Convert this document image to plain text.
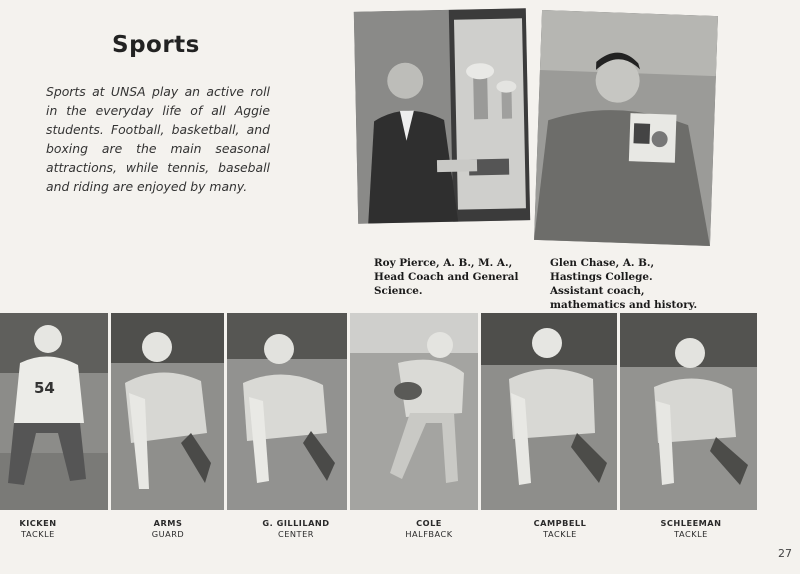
Sports
Sports at UNSA play an active roll in the everyday life of all Aggie students. Football, basketball, and boxing are the main seasonal attractions, while tennis, baseball and riding are enjoyed by many.
Roy Pierce, A. B., M. A., Head Coach and General Science.
Glen Chase, A. B., Hastings College. Assistant coach, mathematics and history.
54
KICKEN
TACKLE
ARMS
GUARD
G. GILLILAND
CENTER
COLE
HALFBACK
CAMPBELL
TACKLE
SCHLEEMAN
TACKLE
27
